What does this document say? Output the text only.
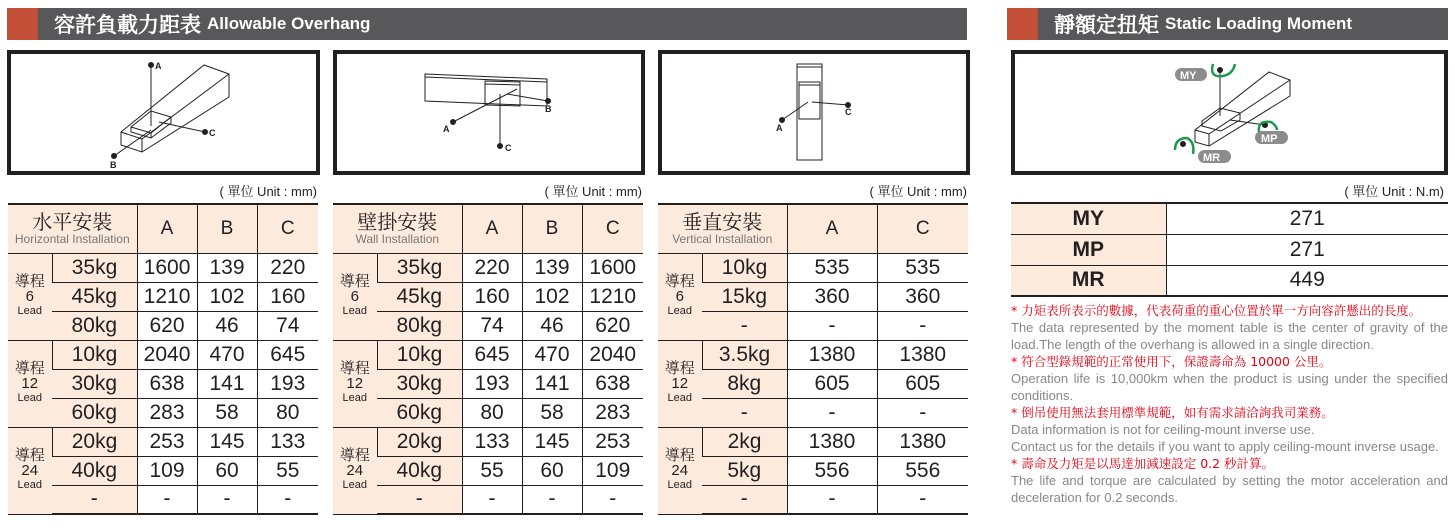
容許負載力距表 Allowable Overhang	靜額定扭矩 Static Loading Moment
A
C
B
A
C
B
A
C
MY
MP
MR
( 單位 Unit : mm)	( 單位 Unit : mm)	( 單位 Unit : mm)	( 單位 Unit : N.m)
水平安裝
Horizontal Installation		A	B	C

導程
6
Lead	35kg	1600	139	220
	45kg	1210	102	160
	80kg	620	46	74

導程
12
Lead	10kg	2040	470	645
	30kg	638	141	193
	60kg	283	58	80

導程
24
Lead	20kg	253	145	133
	40kg	109	60	55
	-	-	-	-
壁掛安裝
Wall Installation		A	B	C

導程
6
Lead	35kg	220	139	1600
	45kg	160	102	1210
	80kg	74	46	620

導程
12
Lead	10kg	645	470	2040
	30kg	193	141	638
	60kg	80	58	283

導程
24
Lead	20kg	133	145	253
	40kg	55	60	109
	-	-	-	-
垂直安裝
Vertical Installation		A	C

導程
6
Lead	10kg	535	535
	15kg	360	360
	-	-	-

導程
12
Lead	3.5kg	1380	1380
	8kg	605	605
	-	-	-

導程
24
Lead	2kg	1380	1380
	5kg	556	556
	-	-	-
MY	271
MP	271
MR	449
* 力矩表所表示的數據，代表荷重的重心位置於單一方向容許懸出的長度。
The data represented by the moment table is the center of gravity of the load.The length of the overhang is allowed in a single direction.
* 符合型錄規範的正常使用下，保證壽命為 10000 公里。
Operation life is 10,000km when the product is using under the specified conditions.
* 倒吊使用無法套用標準規範，如有需求請洽詢我司業務。
Data information is not for ceiling-mount inverse use.
Contact us for the details if you want to apply ceiling-mount inverse usage.
* 壽命及力矩是以馬達加減速設定 0.2 秒計算。
The life and torque are calculated by setting the motor acceleration and deceleration for 0.2 seconds.
